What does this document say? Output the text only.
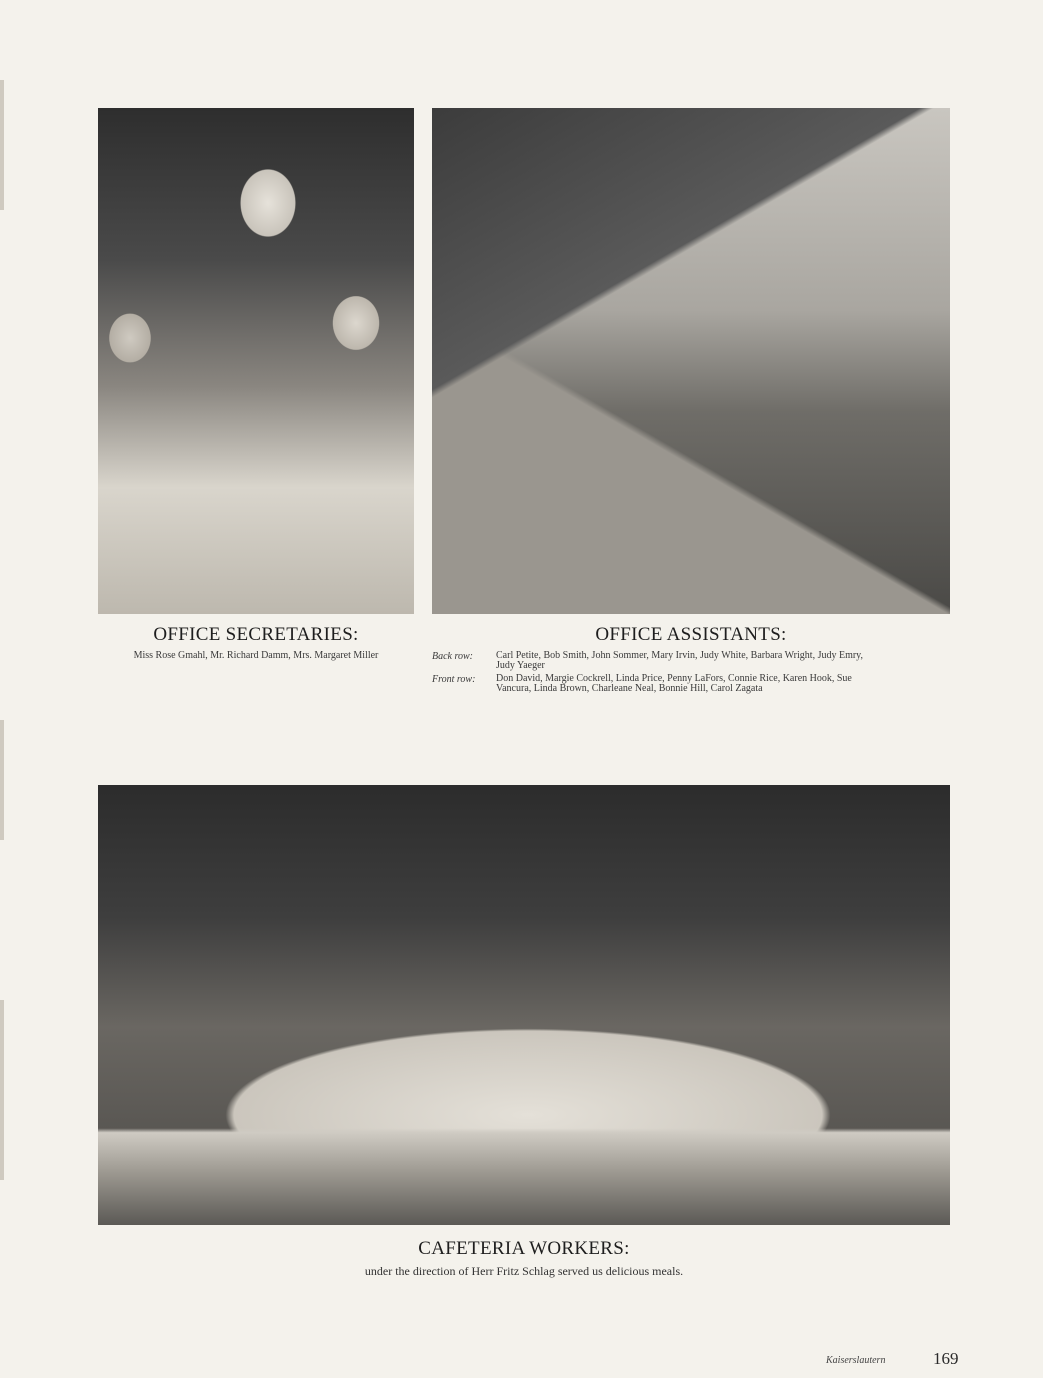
OFFICE SECRETARIES:
Miss Rose Gmahl, Mr. Richard Damm, Mrs. Margaret Miller
OFFICE ASSISTANTS:
Back row: Carl Petite, Bob Smith, John Sommer, Mary Irvin, Judy White, Barbara Wright, Judy Emry,
Judy Yaeger
Front row: Don David, Margie Cockrell, Linda Price, Penny LaFors, Connie Rice, Karen Hook, Sue
Vancura, Linda Brown, Charleane Neal, Bonnie Hill, Carol Zagata
CAFETERIA WORKERS:
under the direction of Herr Fritz Schlag served us delicious meals.
Kaiserslautern	169
